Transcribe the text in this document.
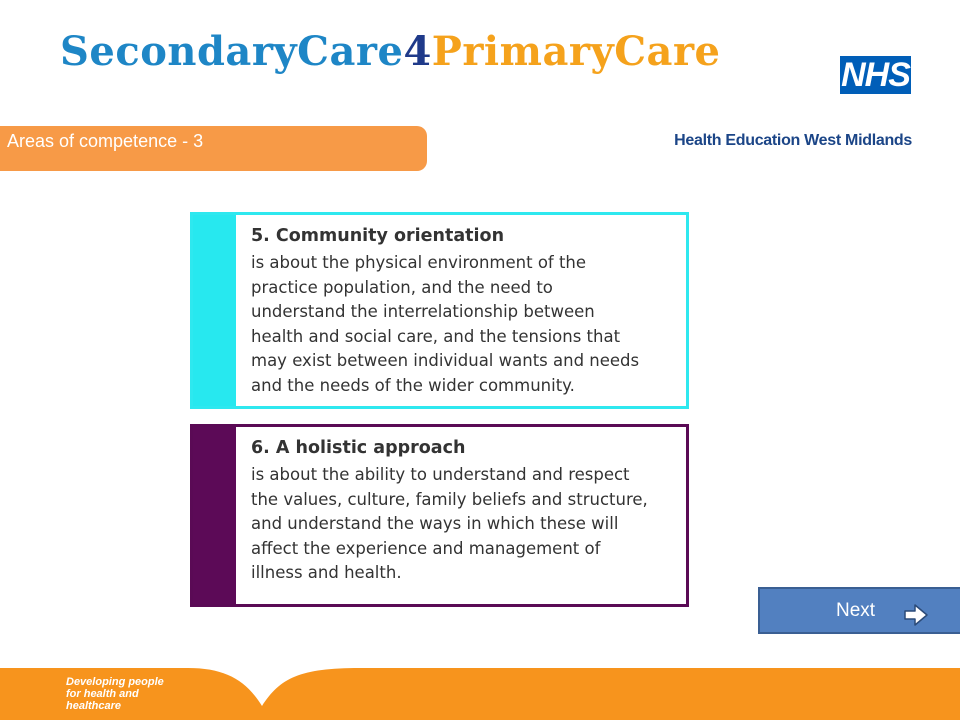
SecondaryCare4PrimaryCare	NHS
Health Education West Midlands
Areas of competence - 3
5. Community orientation
is about the physical environment of the
practice population, and the need to
understand the interrelationship between
health and social care, and the tensions that
may exist between individual wants and needs
and the needs of the wider community.
6. A holistic approach
is about the ability to understand and respect
the values, culture, family beliefs and structure,
and understand the ways in which these will
affect the experience and management of
illness and health.
Next
Developing people
for health and
healthcare
